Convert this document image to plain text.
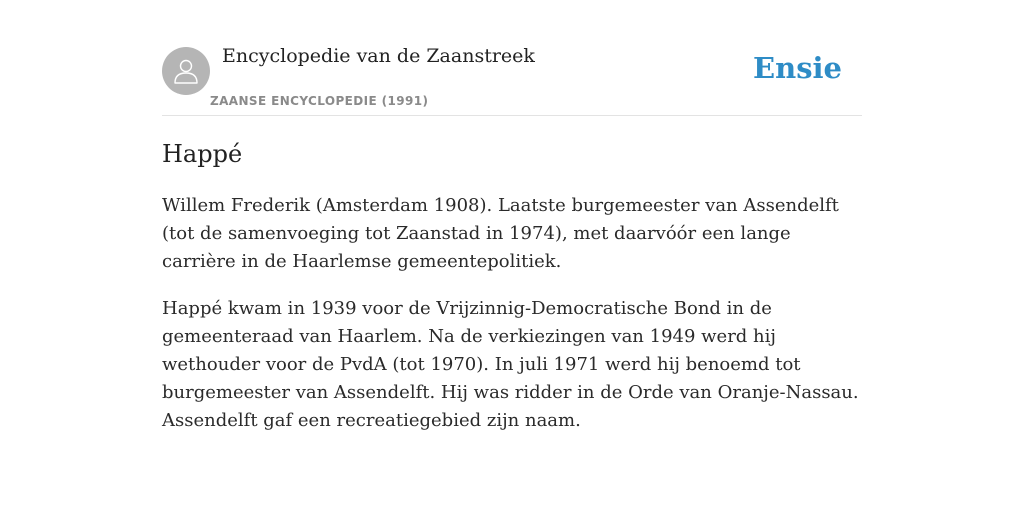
Encyclopedie van de Zaanstreek
ZAANSE ENCYCLOPEDIE (1991)
Ensie
Happé

Willem Frederik (Amsterdam 1908). Laatste burgemeester van Assendelft (tot de samenvoeging tot Zaanstad in 1974), met daarvóór een lange carrière in de Haarlemse gemeentepolitiek.

Happé kwam in 1939 voor de Vrijzinnig-Democratische Bond in de gemeenteraad van Haarlem. Na de verkiezingen van 1949 werd hij wethouder voor de PvdA (tot 1970). In juli 1971 werd hij benoemd tot burgemeester van Assendelft. Hij was ridder in de Orde van Oranje-Nassau. Assendelft gaf een recreatiegebied zijn naam.
